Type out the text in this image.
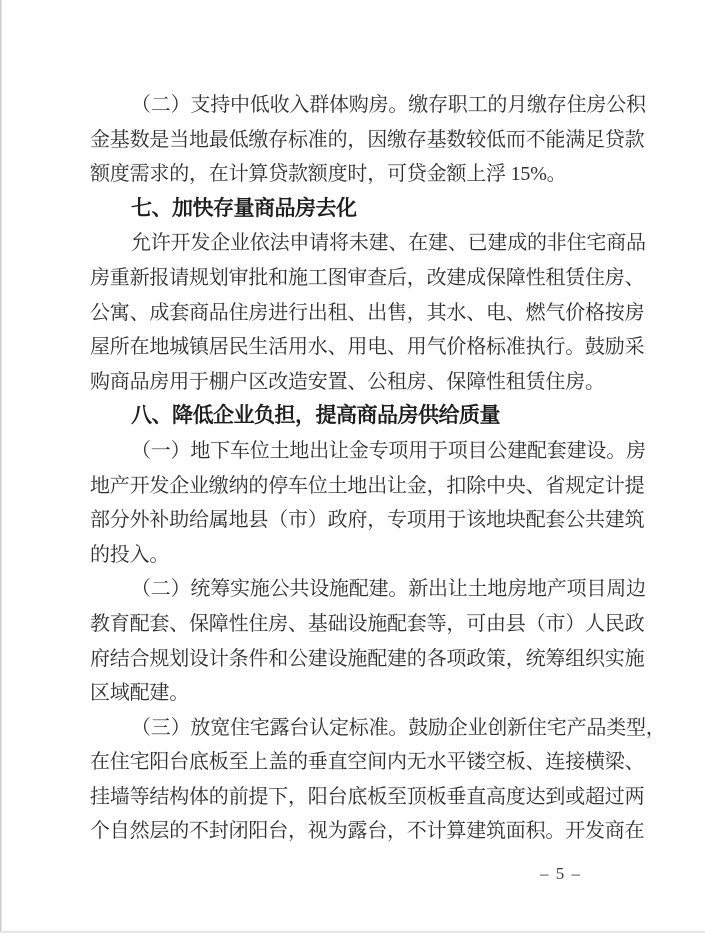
（二）支持中低收入群体购房。缴存职工的月缴存住房公积
金基数是当地最低缴存标准的，因缴存基数较低而不能满足贷款
额度需求的，在计算贷款额度时，可贷金额上浮 15%。
七、加快存量商品房去化
允许开发企业依法申请将未建、在建、已建成的非住宅商品
房重新报请规划审批和施工图审查后，改建成保障性租赁住房、
公寓、成套商品住房进行出租、出售，其水、电、燃气价格按房
屋所在地城镇居民生活用水、用电、用气价格标准执行。鼓励采
购商品房用于棚户区改造安置、公租房、保障性租赁住房。
八、降低企业负担，提高商品房供给质量
（一）地下车位土地出让金专项用于项目公建配套建设。房
地产开发企业缴纳的停车位土地出让金，扣除中央、省规定计提
部分外补助给属地县（市）政府，专项用于该地块配套公共建筑
的投入。
（二）统筹实施公共设施配建。新出让土地房地产项目周边
教育配套、保障性住房、基础设施配套等，可由县（市）人民政
府结合规划设计条件和公建设施配建的各项政策，统筹组织实施
区域配建。
（三）放宽住宅露台认定标准。鼓励企业创新住宅产品类型，
在住宅阳台底板至上盖的垂直空间内无水平镂空板、连接横梁、
挂墙等结构体的前提下，阳台底板至顶板垂直高度达到或超过两
个自然层的不封闭阳台，视为露台，不计算建筑面积。开发商在
– 5 –
